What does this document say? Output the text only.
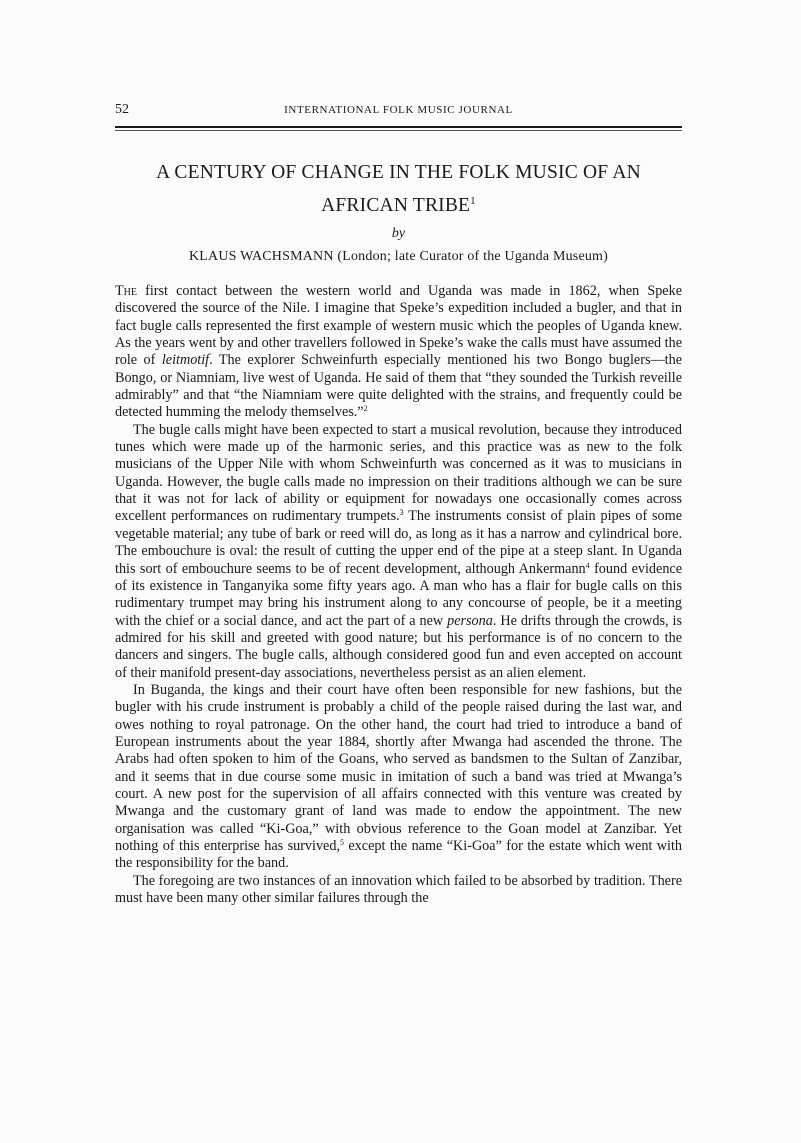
52	INTERNATIONAL FOLK MUSIC JOURNAL
A CENTURY OF CHANGE IN THE FOLK MUSIC OF AN AFRICAN TRIBE$^1$
by
KLAUS WACHSMANN (London; late Curator of the Uganda Museum)

The first contact between the western world and Uganda was made in 1862, when Speke discovered the source of the Nile. I imagine that Speke’s expedition included a bugler, and that in fact bugle calls represented the first example of western music which the peoples of Uganda knew. As the years went by and other travellers followed in Speke’s wake the calls must have assumed the role of leitmotif. The explorer Schweinfurth especially mentioned his two Bongo buglers—the Bongo, or Niamniam, live west of Uganda. He said of them that “they sounded the Turkish reveille admirably” and that “the Niamniam were quite delighted with the strains, and frequently could be detected humming the melody themselves.”$^2$

The bugle calls might have been expected to start a musical revolution, because they introduced tunes which were made up of the harmonic series, and this practice was as new to the folk musicians of the Upper Nile with whom Schweinfurth was concerned as it was to musicians in Uganda. However, the bugle calls made no impression on their traditions although we can be sure that it was not for lack of ability or equipment for nowadays one occasionally comes across excellent performances on rudimentary trumpets.$^3$ The instruments consist of plain pipes of some vegetable material; any tube of bark or reed will do, as long as it has a narrow and cylindrical bore. The embouchure is oval: the result of cutting the upper end of the pipe at a steep slant. In Uganda this sort of embouchure seems to be of recent development, although Ankermann$^4$ found evidence of its existence in Tanganyika some fifty years ago. A man who has a flair for bugle calls on this rudimentary trumpet may bring his instrument along to any concourse of people, be it a meeting with the chief or a social dance, and act the part of a new persona. He drifts through the crowds, is admired for his skill and greeted with good nature; but his performance is of no concern to the dancers and singers. The bugle calls, although considered good fun and even accepted on account of their manifold present-day associations, nevertheless persist as an alien element.

In Buganda, the kings and their court have often been responsible for new fashions, but the bugler with his crude instrument is probably a child of the people raised during the last war, and owes nothing to royal patronage. On the other hand, the court had tried to introduce a band of European instruments about the year 1884, shortly after Mwanga had ascended the throne. The Arabs had often spoken to him of the Goans, who served as bandsmen to the Sultan of Zanzibar, and it seems that in due course some music in imitation of such a band was tried at Mwanga’s court. A new post for the supervision of all affairs connected with this venture was created by Mwanga and the customary grant of land was made to endow the appointment. The new organisation was called “Ki-Goa,” with obvious reference to the Goan model at Zanzibar. Yet nothing of this enterprise has survived,$^5$ except the name “Ki-Goa” for the estate which went with the responsibility for the band.

The foregoing are two instances of an innovation which failed to be absorbed by tradition. There must have been many other similar failures through the
